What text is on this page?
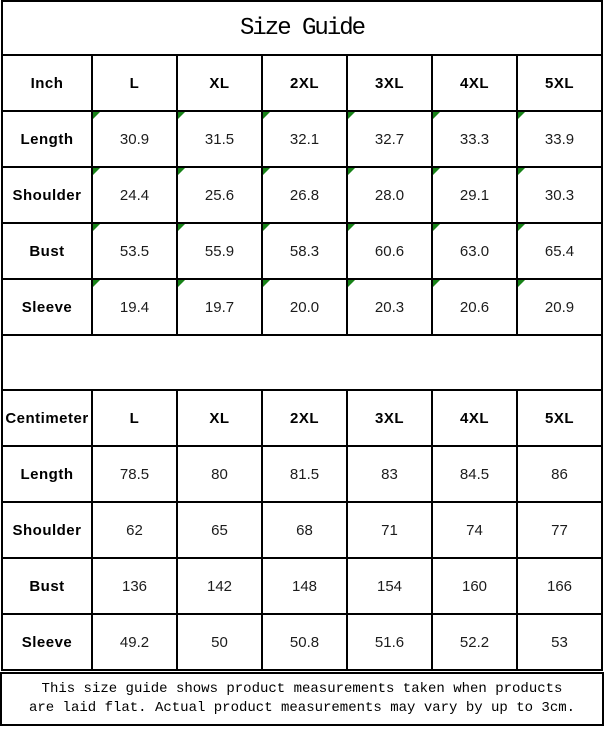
Size Guide						

Inch	L	XL	2XL	3XL	4XL	5XL
Length	30.9	31.5	32.1	32.7	33.3	33.9
Shoulder	24.4	25.6	26.8	28.0	29.1	30.3
Bust	53.5	55.9	58.3	60.6	63.0	65.4
Sleeve	19.4	19.7	20.0	20.3	20.6	20.9

Centimeter	L	XL	2XL	3XL	4XL	5XL
Length	78.5	80	81.5	83	84.5	86
Shoulder	62	65	68	71	74	77
Bust	136	142	148	154	160	166
Sleeve	49.2	50	50.8	51.6	52.2	53
This size guide shows product measurements taken when products
are laid flat. Actual product measurements may vary by up to 3cm.
